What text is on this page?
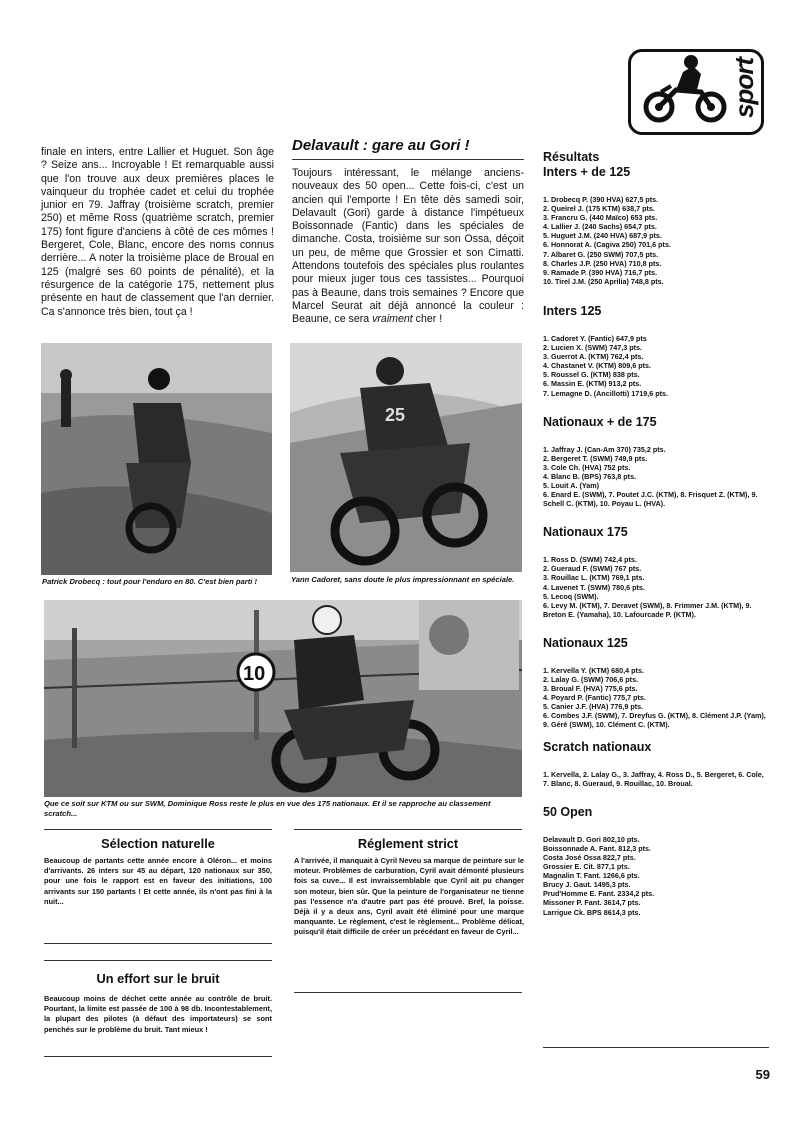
sport
finale en inters, entre Lallier et Huguet. Son âge ? Seize ans... Incroyable ! Et remarquable aussi que l'on trouve aux deux premières places le vainqueur du trophée cadet et celui du trophée junior en 79. Jaffray (troisième scratch, premier 250) et même Ross (quatrième scratch, premier 175) font figure d'anciens à côté de ces mômes ! Bergeret, Cole, Blanc, encore des noms connus derrière... A noter la troisième place de Broual en 125 (malgré ses 60 points de pénalité), et la résurgence de la catégorie 175, nettement plus présente en haut de classement que l'an dernier. Ca s'annonce très bien, tout ça !
Delavault : gare au Gori !
Toujours intéressant, le mélange anciens-nouveaux des 50 open... Cette fois-ci, c'est un ancien qui l'emporte ! En tête dès samedi soir, Delavault (Gori) garde à distance l'impétueux Boissonnade (Fantic) dans les spéciales de dimanche. Costa, troisième sur son Ossa, déçoit un peu, de même que Grossier et son Cimatti. Attendons toutefois des spéciales plus roulantes pour mieux juger tous ces tassistes... Pourquoi pas à Beaune, dans trois semaines ? Encore que Marcel Seurat ait déjà annoncé la couleur : Beaune, ce sera vraiment cher !
Patrick Drobecq : tout pour l'enduro en 80. C'est bien parti !
25
Yann Cadoret, sans doute le plus impressionnant en spéciale.
10
Que ce soit sur KTM ou sur SWM, Dominique Ross reste le plus en vue des 175 nationaux. Et il se rapproche au classement scratch...
Sélection naturelle
Beaucoup de partants cette année encore à Oléron... et moins d'arrivants. 26 inters sur 45 au départ, 120 nationaux sur 350, pour une fois le rapport est en faveur des initiations, 100 arrivants sur 150 partants ! Et cette année, ils n'ont pas fini à la nuit...
Un effort sur le bruit
Beaucoup moins de déchet cette année au contrôle de bruit. Pourtant, la limite est passée de 100 à 98 db. Incontestablement, la plupart des pilotes (à défaut des importateurs) se sont penchés sur le problème du bruit. Tant mieux !
Réglement strict
A l'arrivée, il manquait à Cyril Neveu sa marque de peinture sur le moteur. Problèmes de carburation, Cyril avait démonté plusieurs fois sa cuve... Il est invraissemblable que Cyril ait pu changer son moteur, bien sûr. Que la peinture de l'organisateur ne tienne pas l'essence n'a d'autre part pas été prouvé. Bref, la poisse. Déjà il y a deux ans, Cyril avait été éliminé pour une marque manquante. Le règlement, c'est le règlement... Problème délicat, puisqu'il était difficile de créer un précédant en faveur de Cyril...
Résultats
Inters + de 125
1. Drobecq P. (390 HVA) 627,5 pts.
2. Queirel J. (175 KTM) 638,7 pts.
3. Francru G. (440 Maïco) 653 pts.
4. Lallier J. (240 Sachs) 654,7 pts.
5. Huguet J.M. (240 HVA) 687,9 pts.
6. Honnorat A. (Cagiva 250) 701,6 pts.
7. Albaret G. (250 SWM) 707,5 pts.
8. Charles J.P. (250 HVA) 710,8 pts.
9. Ramade P. (390 HVA) 716,7 pts.
10. Tirel J.M. (250 Aprilia) 748,8 pts.
Inters 125
1. Cadoret Y. (Fantic) 647,9 pts
2. Lucien X. (SWM) 747,3 pts.
3. Guerrot A. (KTM) 762,4 pts.
4. Chastanet V. (KTM) 809,6 pts.
5. Roussel G. (KTM) 838 pts.
6. Massin E. (KTM) 913,2 pts.
7. Lemagne D. (Ancillotti) 1719,6 pts.
Nationaux + de 175
1. Jaffray J. (Can-Am 370) 735,2 pts.
2. Bergeret T. (SWM) 749,9 pts.
3. Cole Ch. (HVA) 752 pts.
4. Blanc B. (BPS) 763,8 pts.
5. Louit A. (Yam)
6. Enard E. (SWM), 7. Poutet J.C. (KTM), 8. Frisquet Z. (KTM), 9. Schell C. (KTM), 10. Poyau L. (HVA).
Nationaux 175
1. Ross D. (SWM) 742,4 pts.
2. Gueraud F. (SWM) 767 pts.
3. Rouillac L. (KTM) 769,1 pts.
4. Lavenet T. (SWM) 780,6 pts.
5. Lecoq (SWM).
6. Levy M. (KTM), 7. Deravet (SWM), 8. Frimmer J.M. (KTM), 9. Breton E. (Yamaha), 10. Lafourcade P. (KTM).
Nationaux 125
1. Kervella Y. (KTM) 680,4 pts.
2. Lalay G. (SWM) 706,6 pts.
3. Broual F. (HVA) 775,6 pts.
4. Poyard P. (Fantic) 775,7 pts.
5. Canier J.F. (HVA) 776,9 pts.
6. Combes J.F. (SWM), 7. Dreyfus G. (KTM), 8. Clément J.P. (Yam), 9. Géré (SWM), 10. Clément C. (KTM).
Scratch nationaux
1. Kervella, 2. Lalay G., 3. Jaffray, 4. Ross D., 5. Bergeret, 6. Cole, 7. Blanc, 8. Gueraud, 9. Rouillac, 10. Broual.
50 Open
Delavault D. Gori 802,10 pts.
Boissonnade A. Fant. 812,3 pts.
Costa José Ossa 822,7 pts.
Grossier E. Cit. 877,1 pts.
Magnalin T. Fant. 1266,6 pts.
Brucy J. Gaut. 1495,3 pts.
Prud'Homme E. Fant. 2334,2 pts.
Missoner P. Fant. 3614,7 pts.
Larrigue Ck. BPS 8614,3 pts.
59
